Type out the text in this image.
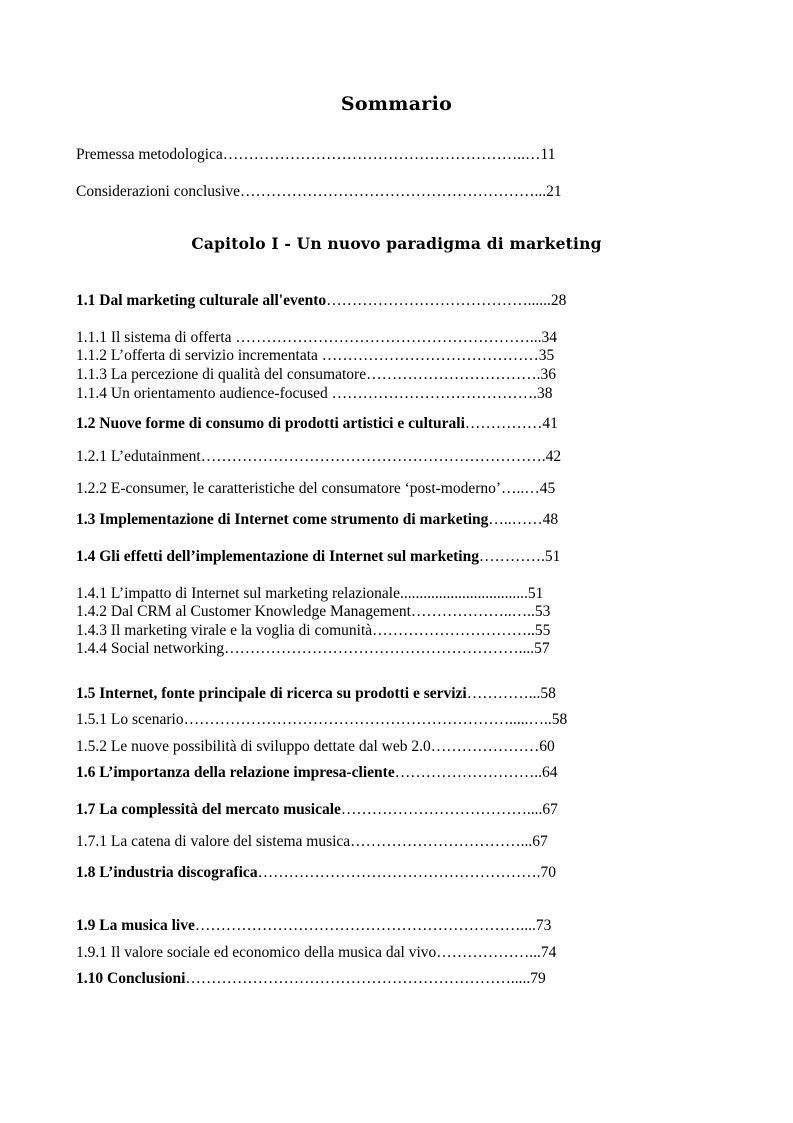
Sommario
Premessa metodologica…………………………………………………..…11
Considerazioni conclusive…………………………………………………...21
Capitolo I - Un nuovo paradigma di marketing
1.1 Dal marketing culturale all'evento…………………………………......28
1.1.1 Il sistema di offerta …………………………………………………...34
1.1.2 L’offerta di servizio incrementata ……………………………………35
1.1.3 La percezione di qualità del consumatore…………………………….36
1.1.4 Un orientamento audience-focused ………………………………….38
1.2 Nuove forme di consumo di prodotti artistici e culturali……………41
1.2.1 L’edutainment………………………………………………………….42
1.2.2 E-consumer, le caratteristiche del consumatore ‘post-moderno’…..…45
1.3 Implementazione di Internet come strumento di marketing…..……48
1.4 Gli effetti dell’implementazione di Internet sul marketing………….51
1.4.1 L’impatto di Internet sul marketing relazionale.................................51
1.4.2 Dal CRM al Customer Knowledge Management………………..…..53
1.4.3 Il marketing virale e la voglia di comunità…………………………..55
1.4.4 Social networking…………………………………………………....57
1.5 Internet, fonte principale di ricerca su prodotti e servizi…………...58
1.5.1 Lo scenario……………………………………………………….....…..58
1.5.2 Le nuove possibilità di sviluppo dettate dal web 2.0…………………60
1.6 L’importanza della relazione impresa-cliente………………………..64
1.7 La complessità del mercato musicale………………………………....67
1.7.1 La catena di valore del sistema musica……………………………...67
1.8 L’industria discografica……………………………………………….70
1.9 La musica live………………………………………………………....73
1.9.1 Il valore sociale ed economico della musica dal vivo………………...74
1.10 Conclusioni……………………………………………………….....79
